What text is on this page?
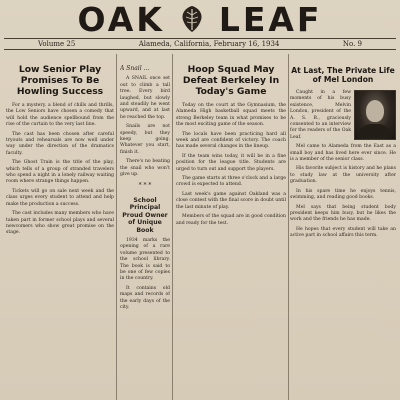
OAK LEAF
Volume 25	Alameda, California, February 16, 1934	No. 9
Low Senior Play Promises To Be Howling Success

For a mystery, a blend of chills and thrills, the Low Seniors have chosen a comedy that will hold the audience spellbound from the rise of the curtain to the very last line.

The cast has been chosen after careful tryouts and rehearsals are now well under way under the direction of the dramatics faculty.

The Ghost Train is the title of the play, which tells of a group of stranded travelers who spend a night in a lonely railway waiting room where strange things happen.

Tickets will go on sale next week and the class urges every student to attend and help make the production a success.

The cast includes many members who have taken part in former school plays and several newcomers who show great promise on the stage.

A Snail ...

A SNAIL once set out to climb a tall tree. Every bird laughed, but slowly and steadily he went upward, and at last he reached the top.

Snails are not speedy, but they keep going. Whatever you start, finish it.

There's no beating the snail who won't give up.

* * *
School Principal Proud Owner of Unique Book

1934 marks the opening of a rare volume presented to the school library. The book is said to be one of few copies in the country.

It contains old maps and records of the early days of the city.

Hoop Squad May Defeat Berkeley In Today's Game

Today on the court at the Gymnasium, the Alameda High basketball squad meets the strong Berkeley team in what promises to be the most exciting game of the season.

The locals have been practicing hard all week and are confident of victory. The coach has made several changes in the lineup.

If the team wins today, it will be in a fine position for the league title. Students are urged to turn out and support the players.

The game starts at three o'clock and a large crowd is expected to attend.

Last week's game against Oakland was a close contest with the final score in doubt until the last minute of play.

Members of the squad are in good condition and ready for the test.

At Last, The Private Life of Mel London

Caught in a few moments of his busy existence, Melvin London, president of the A. S. B., graciously consented to an interview for the readers of the Oak Leaf.

Mel came to Alameda from the East as a small boy and has lived here ever since. He is a member of the senior class.

His favorite subject is history and he plans to study law at the university after graduation.

In his spare time he enjoys tennis, swimming, and reading good books.

Mel says that being student body president keeps him busy, but he likes the work and the friends he has made.

He hopes that every student will take an active part in school affairs this term.
